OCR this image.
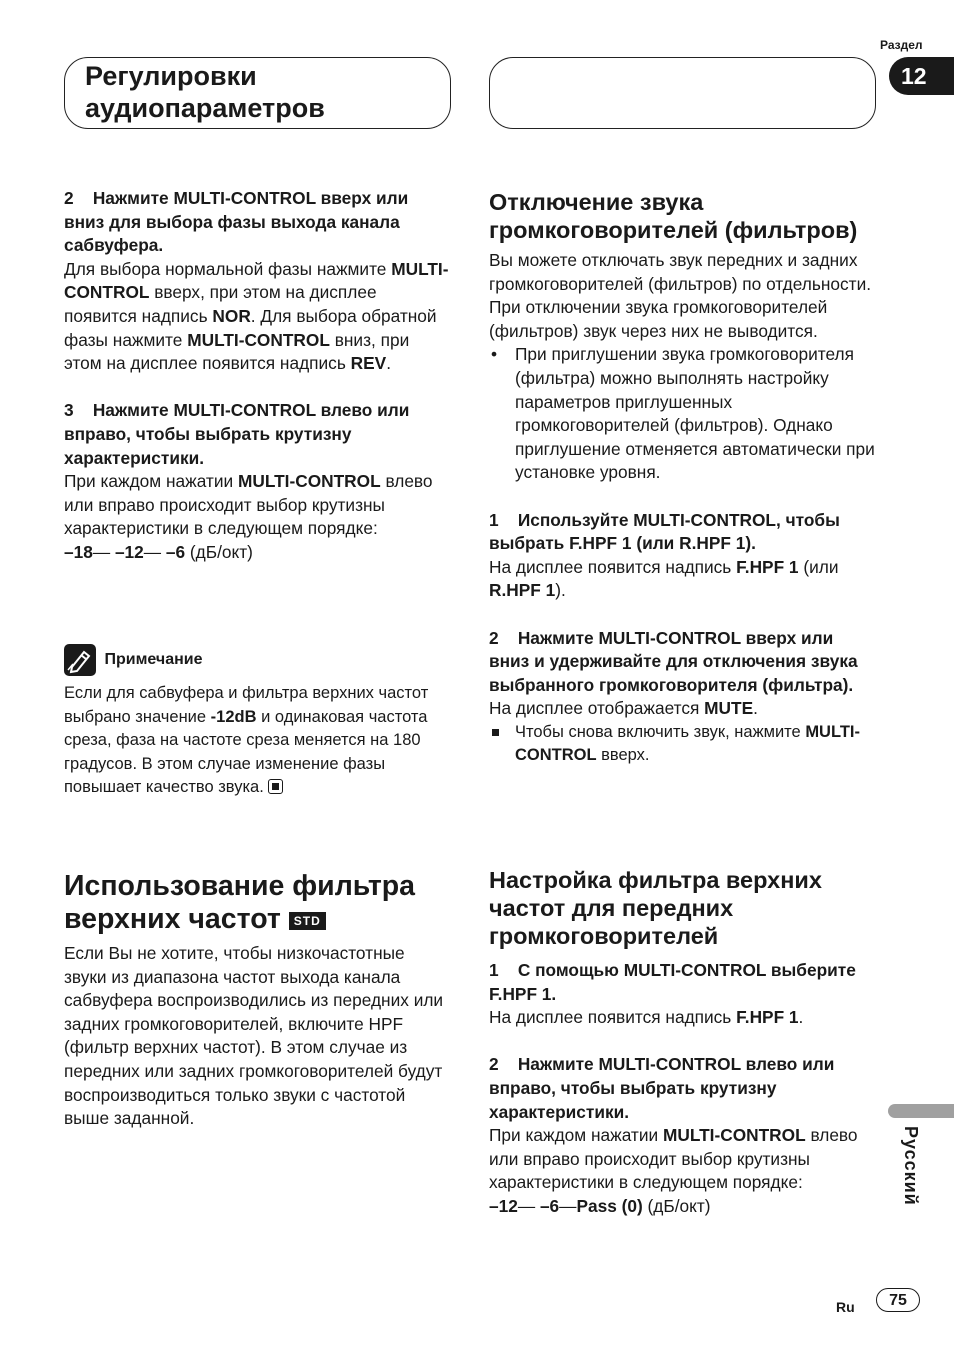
Регулировки
аудиопараметров
Раздел
12

2    Нажмите MULTI-CONTROL вверх или вниз для выбора фазы выхода канала сабвуфера.

Для выбора нормальной фазы нажмите MULTI-CONTROL вверх, при этом на дисплее появится надпись NOR. Для выбора обратной фазы нажмите MULTI-CONTROL вниз, при этом на дисплее появится надпись REV.

3    Нажмите MULTI-CONTROL влево или вправо, чтобы выбрать крутизну характеристики.

При каждом нажатии MULTI-CONTROL влево или вправо происходит выбор крутизны характеристики в следующем порядке:

–18— –12— –6 (дБ/окт)

Примечание

Если для сабвуфера и фильтра верхних частот выбрано значение -12dB и одинаковая частота среза, фаза на частоте среза меняется на 180 градусов. В этом случае изменение фазы повышает качество звука.

Использование фильтра
верхних частот STD

Если Вы не хотите, чтобы низкочастотные звуки из диапазона частот выхода канала сабвуфера воспроизводились из передних или задних громкоговорителей, включите HPF (фильтр верхних частот). В этом случае из передних или задних громкоговорителей будут воспроизводиться только звуки с частотой выше заданной.

Отключение звука громкоговорителей (фильтров)

Вы можете отключать звук передних и задних громкоговорителей (фильтров) по отдельности. При отключении звука громкоговорителей (фильтров) звук через них не выводится.

• При приглушении звука громкоговорителя (фильтра) можно выполнять настройку параметров приглушенных громкоговорителей (фильтров). Однако приглушение отменяется автоматически при установке уровня.

1    Используйте MULTI-CONTROL, чтобы выбрать F.HPF 1 (или R.HPF 1).

На дисплее появится надпись F.HPF 1 (или R.HPF 1).

2    Нажмите MULTI-CONTROL вверх или вниз и удерживайте для отключения звука выбранного громкоговорителя (фильтра).

На дисплее отображается MUTE.

Чтобы снова включить звук, нажмите MULTI-CONTROL вверх.

Настройка фильтра верхних частот для передних громкоговорителей

1    С помощью MULTI-CONTROL выберите F.HPF 1.

На дисплее появится надпись F.HPF 1.

2    Нажмите MULTI-CONTROL влево или вправо, чтобы выбрать крутизну характеристики.

При каждом нажатии MULTI-CONTROL влево или вправо происходит выбор крутизны характеристики в следующем порядке:

–12— –6—Pass (0) (дБ/окт)

Русский
Ru	75
